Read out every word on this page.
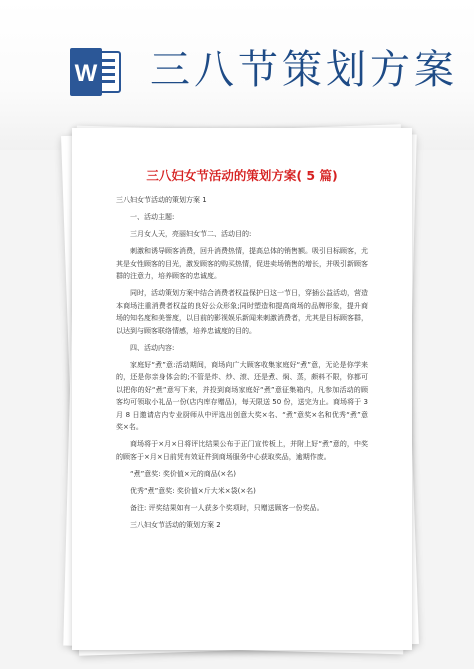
W 三八节策划方案
三八妇女节活动的策划方案( 5 篇)

三八妇女节活动的策划方案 1

一、活动主题:

三月女人天，亮丽妇女节二、活动目的:

刺激和诱导顾客消费，回升消费热情，提高总体的销售额。吸引目标顾客，尤其是女性顾客的目光，激发顾客的购买热情，促进卖场销售的增长，并吸引新顾客群的注意力，培养顾客的忠诚度。

同时，活动策划方案中结合消费者权益保护日这一节日，穿插公益活动，营造本商场注重消费者权益的良好公众形象;同时塑造和提高商场的品牌形象，提升商场的知名度和美誉度，以目前的影视娱乐新闻来刺激消费者，尤其是目标顾客群，以达到与顾客联络情感，培养忠诚度的目的。

四、活动内容:

家庭好“煮”意:活动期间，商场向广大顾客收集家庭好“煮”意，无论是你学来的，还是你亲身体会的;不管是炸、炒、滚、还是煮、焖、蒸，颇料不限，你都可以把你的好“煮”意写下来，并投到商场家庭好“煮”意征集箱内，凡参加活动的顾客均可领取小礼品一份(店内库存赠品)，每天限送 50 份，送完为止。商场将于 3 月 8 日邀请店内专业厨师从中评选出创意大奖×名、“煮”意奖×名和优秀“煮”意奖×名。

商场将于×月×日将评比结果公布于正门宣传板上，并附上好“煮”意的，中奖的顾客于×月×日前凭有效证件到商场服务中心获取奖品，逾期作废。

“煮”意奖: 奖价值×元的商品(×名)

优秀“煮”意奖: 奖价值×斤大米×袋(×名)

备注: 评奖结果如有一人获多个奖项时，只赠送顾客一份奖品。

三八妇女节活动的策划方案 2
